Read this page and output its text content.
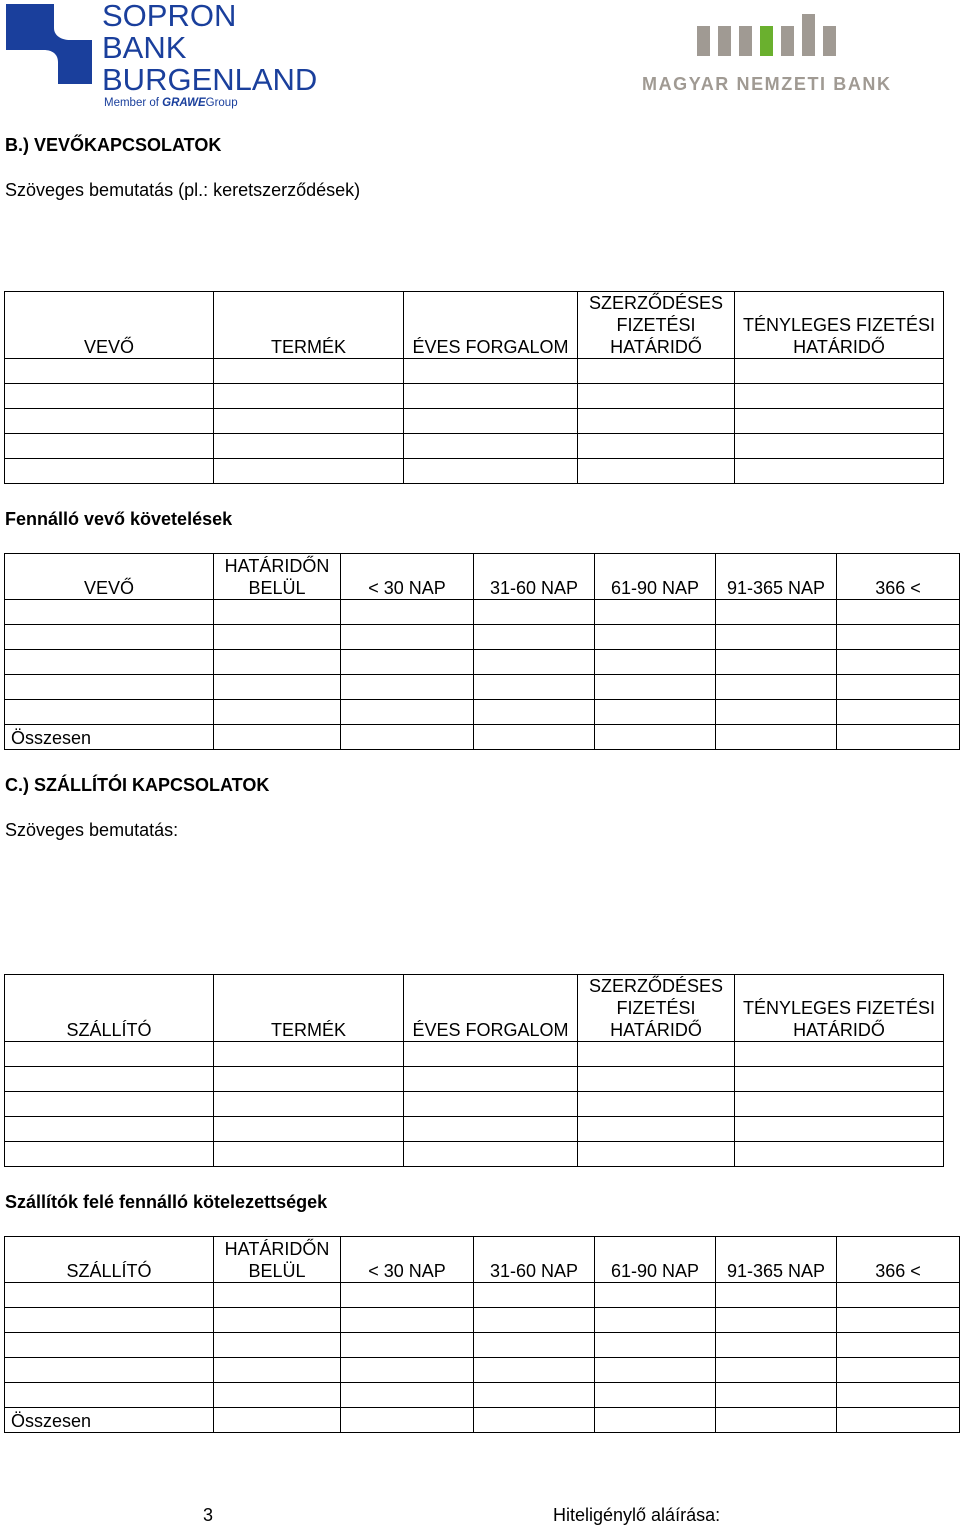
SOPRON
BANK
BURGENLAND
Member of GRAWEGroup
MAGYAR NEMZETI BANK
B.) VEVŐKAPCSOLATOK
Szöveges bemutatás (pl.: keretszerződések)
VEVŐ	TERMÉK	ÉVES FORGALOM	SZERZŐDÉSES FIZETÉSI HATÁRIDŐ	TÉNYLEGES FIZETÉSI HATÁRIDŐ

Fennálló vevő követelések
VEVŐ	HATÁRIDŐN BELÜL	< 30 NAP	31-60 NAP	61-90 NAP	91-365 NAP	366 <

Összesen						
C.) SZÁLLÍTÓI KAPCSOLATOK
Szöveges bemutatás:
SZÁLLÍTÓ	TERMÉK	ÉVES FORGALOM	SZERZŐDÉSES FIZETÉSI HATÁRIDŐ	TÉNYLEGES FIZETÉSI HATÁRIDŐ

Szállítók felé fennálló kötelezettségek
SZÁLLÍTÓ	HATÁRIDŐN BELÜL	< 30 NAP	31-60 NAP	61-90 NAP	91-365 NAP	366 <

Összesen						
3	Hiteligénylő aláírása:
